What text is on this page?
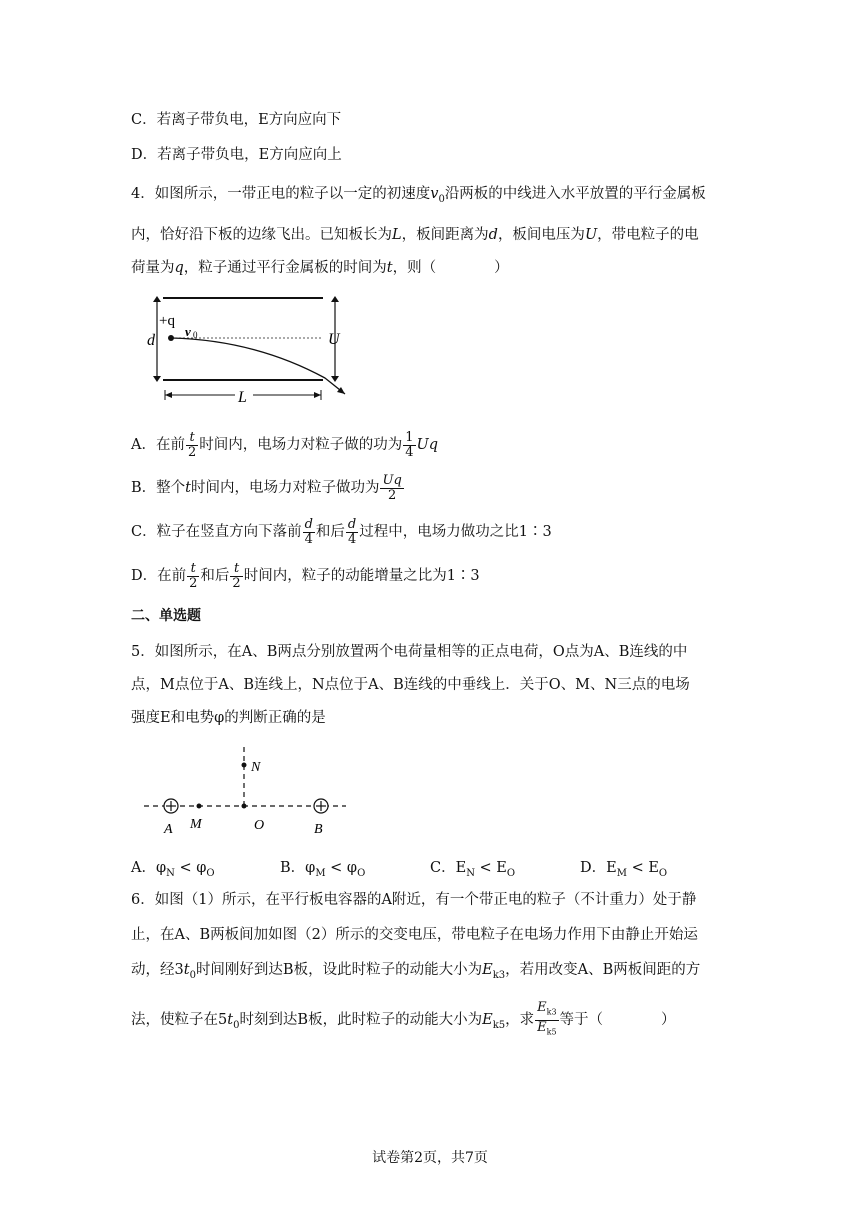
C．若离子带负电，E方向应向下
D．若离子带负电，E方向应向上
4．如图所示，一带正电的粒子以一定的初速度$v_0$沿两板的中线进入水平放置的平行金属板
内，恰好沿下板的边缘飞出。已知板长为L，板间距离为d，板间电压为U，带电粒子的电
荷量为q，粒子通过平行金属板的时间为t，则（　　　　）
+q
v 0
d	U
L
A．在前 $\frac{t}{2}$ 时间内，电场力对粒子做的功为 $\frac{1}{4}$ Uq
B．整个t时间内，电场力对粒子做功为 $\frac{Uq}{2}$
C．粒子在竖直方向下落前 $\frac{d}{4}$ 和后 $\frac{d}{4}$ 过程中，电场力做功之比1∶3
D．在前 $\frac{t}{2}$ 和后 $\frac{t}{2}$ 时间内，粒子的动能增量之比为1∶3
二、单选题
5．如图所示，在A、B两点分别放置两个电荷量相等的正点电荷，O点为A、B连线的中
点，M点位于A、B连线上，N点位于A、B连线的中垂线上．关于O、M、N三点的电场
强度E和电势φ的判断正确的是
N
A M	O	B
A．$\varphi_N < \varphi_O$	B．$\varphi_M < \varphi_O$	C．$E_N < E_O$	D．$E_M < E_O$
6．如图（1）所示，在平行板电容器的A附近，有一个带正电的粒子（不计重力）处于静
止，在A、B两板间加如图（2）所示的交变电压，带电粒子在电场力作用下由静止开始运
动，经$3t_0$时间刚好到达B板，设此时粒子的动能大小为$E_{k3}$，若用改变A、B两板间距的方
法，使粒子在$5t_0$时刻到达B板，此时粒子的动能大小为$E_{k5}$，求 $\frac{E_{k3}}{E_{k5}}$ 等于（　　　　）
试卷第2页，共7页
